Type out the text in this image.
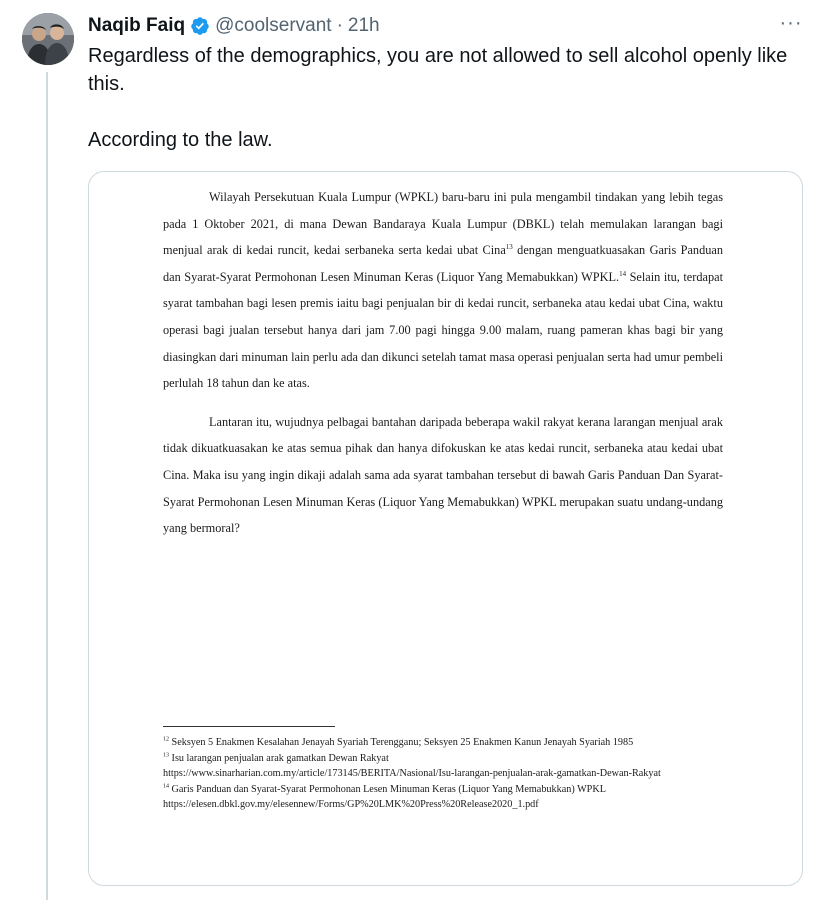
Naqib Faiq @coolservant · 21h	···

Regardless of the demographics, you are not allowed to sell alcohol openly like this.

According to the law.

Wilayah Persekutuan Kuala Lumpur (WPKL) baru-baru ini pula mengambil tindakan yang lebih tegas pada 1 Oktober 2021, di mana Dewan Bandaraya Kuala Lumpur (DBKL) telah memulakan larangan bagi menjual arak di kedai runcit, kedai serbaneka serta kedai ubat Cina$^{13}$ dengan menguatkuasakan Garis Panduan dan Syarat-Syarat Permohonan Lesen Minuman Keras (Liquor Yang Memabukkan) WPKL.$^{14}$ Selain itu, terdapat syarat tambahan bagi lesen premis iaitu bagi penjualan bir di kedai runcit, serbaneka atau kedai ubat Cina, waktu operasi bagi jualan tersebut hanya dari jam 7.00 pagi hingga 9.00 malam, ruang pameran khas bagi bir yang diasingkan dari minuman lain perlu ada dan dikunci setelah tamat masa operasi penjualan serta had umur pembeli perlulah 18 tahun dan ke atas.

Lantaran itu, wujudnya pelbagai bantahan daripada beberapa wakil rakyat kerana larangan menjual arak tidak dikuatkuasakan ke atas semua pihak dan hanya difokuskan ke atas kedai runcit, serbaneka atau kedai ubat Cina. Maka isu yang ingin dikaji adalah sama ada syarat tambahan tersebut di bawah Garis Panduan Dan Syarat-Syarat Permohonan Lesen Minuman Keras (Liquor Yang Memabukkan) WPKL merupakan suatu undang-undang yang bermoral?

$^{12}$ Seksyen 5 Enakmen Kesalahan Jenayah Syariah Terengganu; Seksyen 25 Enakmen Kanun Jenayah Syariah 1985

$^{13}$ Isu larangan penjualan arak gamatkan Dewan Rakyat
https://www.sinarharian.com.my/article/173145/BERITA/Nasional/Isu-larangan-penjualan-arak-gamatkan-Dewan-Rakyat

$^{14}$ Garis Panduan dan Syarat-Syarat Permohonan Lesen Minuman Keras (Liquor Yang Memabukkan) WPKL
https://elesen.dbkl.gov.my/elesennew/Forms/GP%20LMK%20Press%20Release2020_1.pdf
